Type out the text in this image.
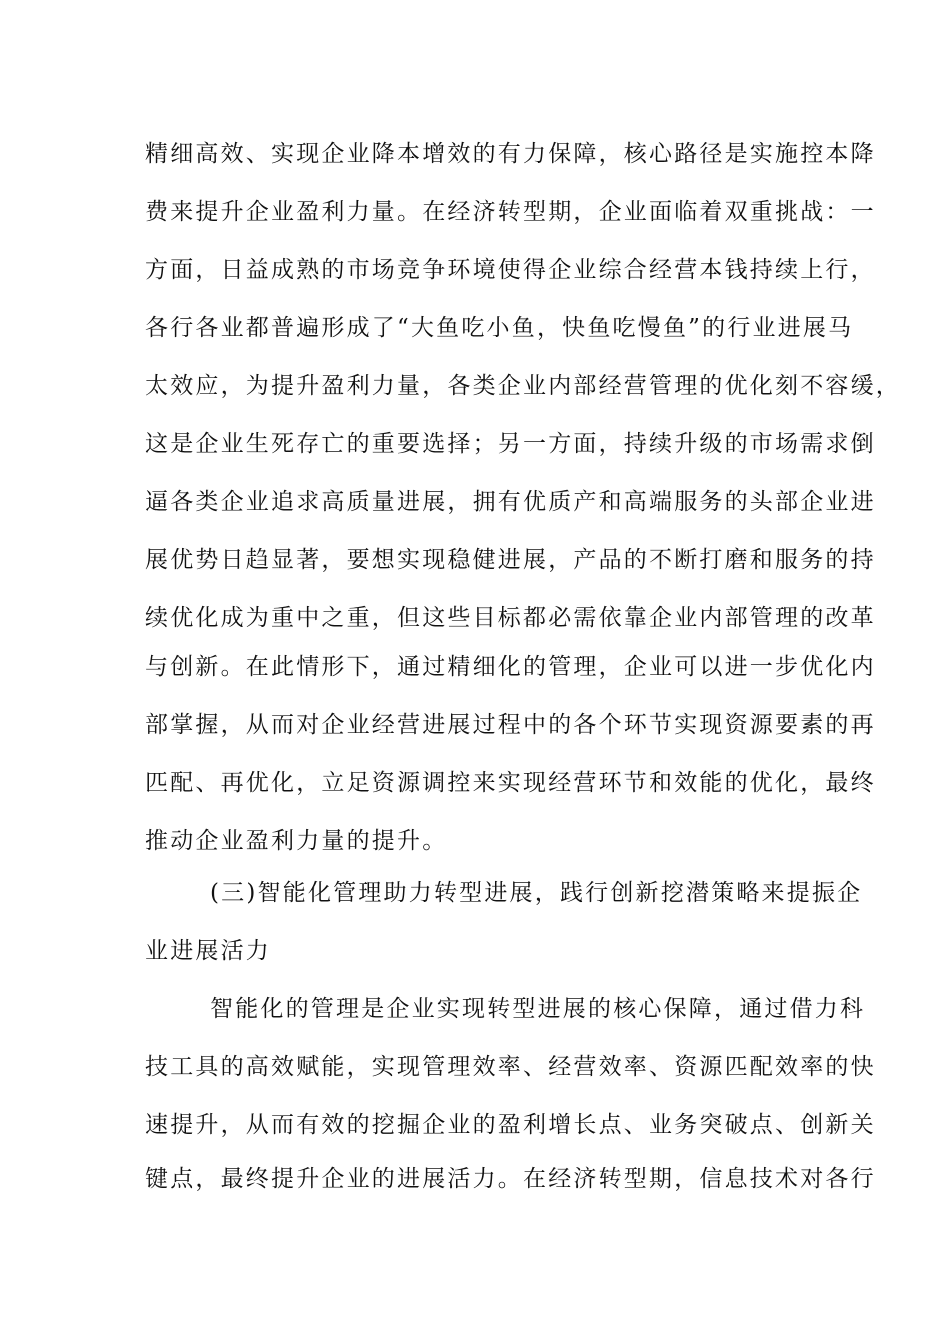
精细高效、实现企业降本增效的有力保障，核心路径是实施控本降
费来提升企业盈利力量。在经济转型期，企业面临着双重挑战：一
方面，日益成熟的市场竞争环境使得企业综合经营本钱持续上行，
各行各业都普遍形成了“大鱼吃小鱼，快鱼吃慢鱼”的行业进展马
太效应，为提升盈利力量，各类企业内部经营管理的优化刻不容缓，
这是企业生死存亡的重要选择；另一方面，持续升级的市场需求倒
逼各类企业追求高质量进展，拥有优质产和高端服务的头部企业进
展优势日趋显著，要想实现稳健进展，产品的不断打磨和服务的持
续优化成为重中之重，但这些目标都必需依靠企业内部管理的改革
与创新。在此情形下，通过精细化的管理，企业可以进一步优化内
部掌握，从而对企业经营进展过程中的各个环节实现资源要素的再
匹配、再优化，立足资源调控来实现经营环节和效能的优化，最终
推动企业盈利力量的提升。
(三)智能化管理助力转型进展，践行创新挖潜策略来提振企
业进展活力
智能化的管理是企业实现转型进展的核心保障，通过借力科
技工具的高效赋能，实现管理效率、经营效率、资源匹配效率的快
速提升，从而有效的挖掘企业的盈利增长点、业务突破点、创新关
键点，最终提升企业的进展活力。在经济转型期，信息技术对各行
